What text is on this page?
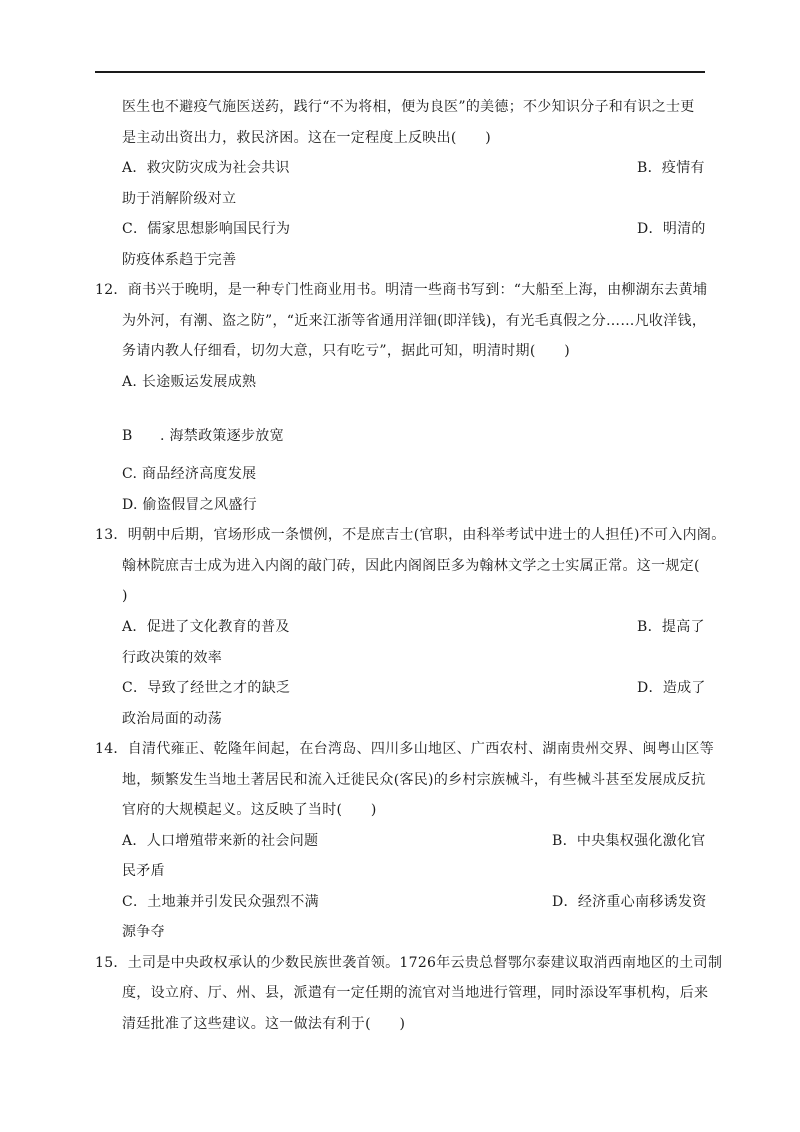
医生也不避疫气施医送药，践行“不为将相，便为良医”的美德；不少知识分子和有识之士更
是主动出资出力，救民济困。这在一定程度上反映出(　　)
A．救灾防灾成为社会共识	B．疫情有
助于消解阶级对立
C．儒家思想影响国民行为	D．明清的
防疫体系趋于完善
12．商书兴于晚明，是一种专门性商业用书。明清一些商书写到：“大船至上海，由柳湖东去黄埔
为外河，有潮、盗之防”，“近来江浙等省通用洋钿(即洋钱)，有光毛真假之分……凡收洋钱，
务请内教人仔细看，切勿大意，只有吃亏”，据此可知，明清时期(　　)
A. 长途贩运发展成熟
B . 海禁政策逐步放宽
C. 商品经济高度发展
D. 偷盗假冒之风盛行
13．明朝中后期，官场形成一条惯例，不是庶吉士(官职，由科举考试中进士的人担任)不可入内阁。
翰林院庶吉士成为进入内阁的敲门砖，因此内阁阁臣多为翰林文学之士实属正常。这一规定(
)
A．促进了文化教育的普及	B．提高了
行政决策的效率
C．导致了经世之才的缺乏	D．造成了
政治局面的动荡
14．自清代雍正、乾隆年间起，在台湾岛、四川多山地区、广西农村、湖南贵州交界、闽粤山区等
地，频繁发生当地土著居民和流入迁徙民众(客民)的乡村宗族械斗，有些械斗甚至发展成反抗
官府的大规模起义。这反映了当时(　　)
A．人口增殖带来新的社会问题	B．中央集权强化激化官
民矛盾
C．土地兼并引发民众强烈不满	D．经济重心南移诱发资
源争夺
15．土司是中央政权承认的少数民族世袭首领。1726年云贵总督鄂尔泰建议取消西南地区的土司制
度，设立府、厅、州、县，派遣有一定任期的流官对当地进行管理，同时添设军事机构，后来
清廷批准了这些建议。这一做法有利于(　　)
